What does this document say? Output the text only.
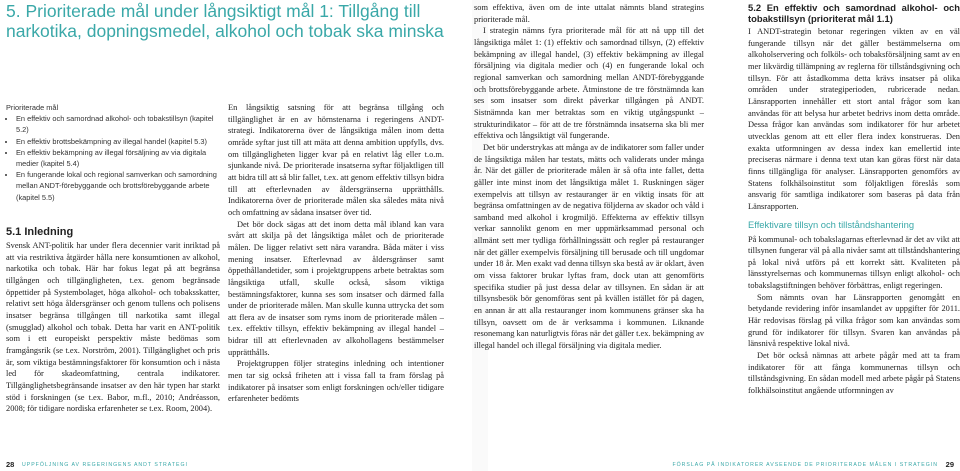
5. Prioriterade mål under långsiktigt mål 1: Tillgång till narkotika, dopningsmedel, alkohol och tobak ska minska
Prioriterade mål
• En effektiv och samordnad alkohol- och tobakstillsyn (kapitel 5.2)
• En effektiv brottsbekämpning av illegal handel (kapitel 5.3)
• En effektiv bekämpning av illegal försäljning av via digitala medier (kapitel 5.4)
• En fungerande lokal och regional samverkan och samordning mellan ANDT-förebyggande och brottsförebyggande arbete (kapitel 5.5)
5.1 Inledning

Svensk ANT-politik har under flera decennier varit inriktad på att via restriktiva åtgärder hålla nere konsumtionen av alkohol, narkotika och tobak. Här har fokus legat på att begränsa tillgången och tillgängligheten, t.ex. genom begränsade öppettider på Systembolaget, höga alkohol- och tobaksskatter, relativt sett höga åldersgränser och genom tullens och polisens insatser begränsa tillgången till narkotika samt illegal (smugglad) alkohol och tobak. Detta har varit en ANT-politik som i ett europeiskt perspektiv måste bedömas som framgångsrik (se t.ex. Norström, 2001). Tillgänglighet och pris är, som viktiga bestämningsfaktorer för konsumtion och i nästa led för skadeomfattning, centrala indikatorer. Tillgänglighetsbegränsande insatser av den här typen har starkt stöd i forskningen (se t.ex. Babor, m.fl., 2010; Andréasson, 2008; för tidigare nordiska erfarenheter se t.ex. Room, 2004).

En långsiktig satsning för att begränsa tillgång och tillgänglighet är en av hörnstenarna i regeringens ANDT-strategi. Indikatorerna över de långsiktiga målen inom detta område syftar just till att mäta att denna ambition uppfylls, dvs. om tillgängligheten ligger kvar på en relativt låg eller t.o.m. sjunkande nivå. De prioriterade insatserna syftar följaktligen till att bidra till att så blir fallet, t.ex. att genom effektiv tillsyn bidra till att efterlevnaden av åldersgränserna upprätthålls. Indikatorerna över de prioriterade målen ska således mäta nivå och omfattning av sådana insatser över tid.

Det bör dock sägas att det inom detta mål ibland kan vara svårt att skilja på det långsiktiga målet och de prioriterade målen. De ligger relativt sett nära varandra. Båda mäter i viss mening insatser. Efterlevnad av åldersgränser samt öppethållandetider, som i projektgruppens arbete betraktas som långsiktiga utfall, skulle också, såsom viktiga bestämningsfaktorer, kunna ses som insatser och därmed falla under de prioriterade målen. Man skulle kunna uttrycka det som att flera av de insatser som ryms inom de prioriterade målen – t.ex. effektiv tillsyn, effektiv bekämpning av illegal handel – bidrar till att efterlevnaden av alkohollagens bestämmelser upprätthålls.

Projektgruppen följer strategins inledning och intentioner men tar sig också friheten att i vissa fall ta fram förslag på indikatorer på insatser som enligt forskningen och/eller tidigare erfarenheter bedömts

UPPFÖLJNING AV REGERINGENS ANDT STRATEGI
28

som effektiva, även om de inte uttalat nämnts bland strategins prioriterade mål.

I strategin nämns fyra prioriterade mål för att nå upp till det långsiktiga målet 1: (1) effektiv och samordnad tillsyn, (2) effektiv bekämpning av illegal handel, (3) effektiv bekämpning av illegal försäljning via digitala medier och (4) en fungerande lokal och regional samverkan och samordning mellan ANDT-förebyggande och brottsförebyggande arbete. Åtminstone de tre förstnämnda kan ses som insatser som direkt påverkar tillgången på ANDT. Sistnämnda kan mer betraktas som en viktig utgångspunkt – strukturindikator – för att de tre förstnämnda insatserna ska bli mer effektiva och långsiktigt väl fungerande.

Det bör understrykas att många av de indikatorer som faller under de långsiktiga målen har testats, mätts och validerats under många år. När det gäller de prioriterade målen är så ofta inte fallet, detta gäller inte minst inom det långsiktiga målet 1. Ruskningen säger exempelvis att tillsyn av restauranger är en viktig insats för att begränsa omfattningen av de negativa följderna av skador och våld i samband med alkohol i krogmiljö. Effekterna av effektiv tillsyn verkar sannolikt genom en mer uppmärksammad personal och allmänt sett mer tydliga förhållningssätt och regler på restauranger när det gäller exempelvis försäljning till berusade och till ungdomar under 18 år. Men exakt vad denna tillsyn ska bestå av är oklart, även om vissa faktorer brukar lyftas fram, dock utan att genomförts specifika studier på just dessa delar av tillsynen. En sådan är att tillsynsbesök bör genomföras sent på kvällen istället för på dagen, en annan är att alla restauranger inom kommunens gränser ska ha tillsyn, oavsett om de är verksamma i kommunen. Liknande resonemang kan naturligtvis föras när det gäller t.ex. bekämpning av illegal handel och illegal försäljning via digitala medier.

5.2 En effektiv och samordnad alkohol- och tobakstillsyn (prioriterat mål 1.1)

I ANDT-strategin betonar regeringen vikten av en väl fungerande tillsyn när det gäller bestämmelserna om alkoholservering och folköls- och tobaksförsäljning samt av en mer likvärdig tillämpning av reglerna för tillståndsgivning och tillsyn. För att åstadkomma detta krävs insatser på olika områden under strategiperioden, rubricerade nedan. Länsrapporten innehåller ett stort antal frågor som kan användas för att belysa hur arbetet bedrivs inom detta område. Dessa frågor kan användas som indikatorer för hur arbetet utvecklas genom att ett eller flera index konstrueras. Den exakta utformningen av dessa index kan emellertid inte preciseras närmare i denna text utan kan göras först när data finns tillgängliga för analyser. Länsrapporten genomförs av Statens folkhälsoinstitut som följaktligen föreslås som ansvarig för samtliga indikatorer som baseras på data från Länsrapporten.

Effektivare tillsyn och tillståndshantering

På kommunal- och tobakslagarnas efterlevnad är det av vikt att tillsynen fungerar väl på alla nivåer samt att tillståndshantering på lokal nivå utförs på ett korrekt sätt. Kvaliteten på länsstyrelsernas och kommunernas tillsyn enligt alkohol- och tobakslagstiftningen behöver förbättras, enligt regeringen.

Som nämnts ovan har Länsrapporten genomgått en betydande revidering inför insamlandet av uppgifter för 2011. Här redovisas förslag på vilka frågor som kan användas som grund för indikatorer för tillsyn. Svaren kan användas på länsnivå respektive lokal nivå.

Det bör också nämnas att arbete pågår med att ta fram indikatorer för att fånga kommunernas tillsyn och tillståndsgivning. En sådan modell med arbete pågår på Statens folkhälsoinstitut angående utformningen av

FÖRSLAG PÅ INDIKATORER AVSEENDE DE PRIORITERADE MÅLEN I STRATEGIN 29
